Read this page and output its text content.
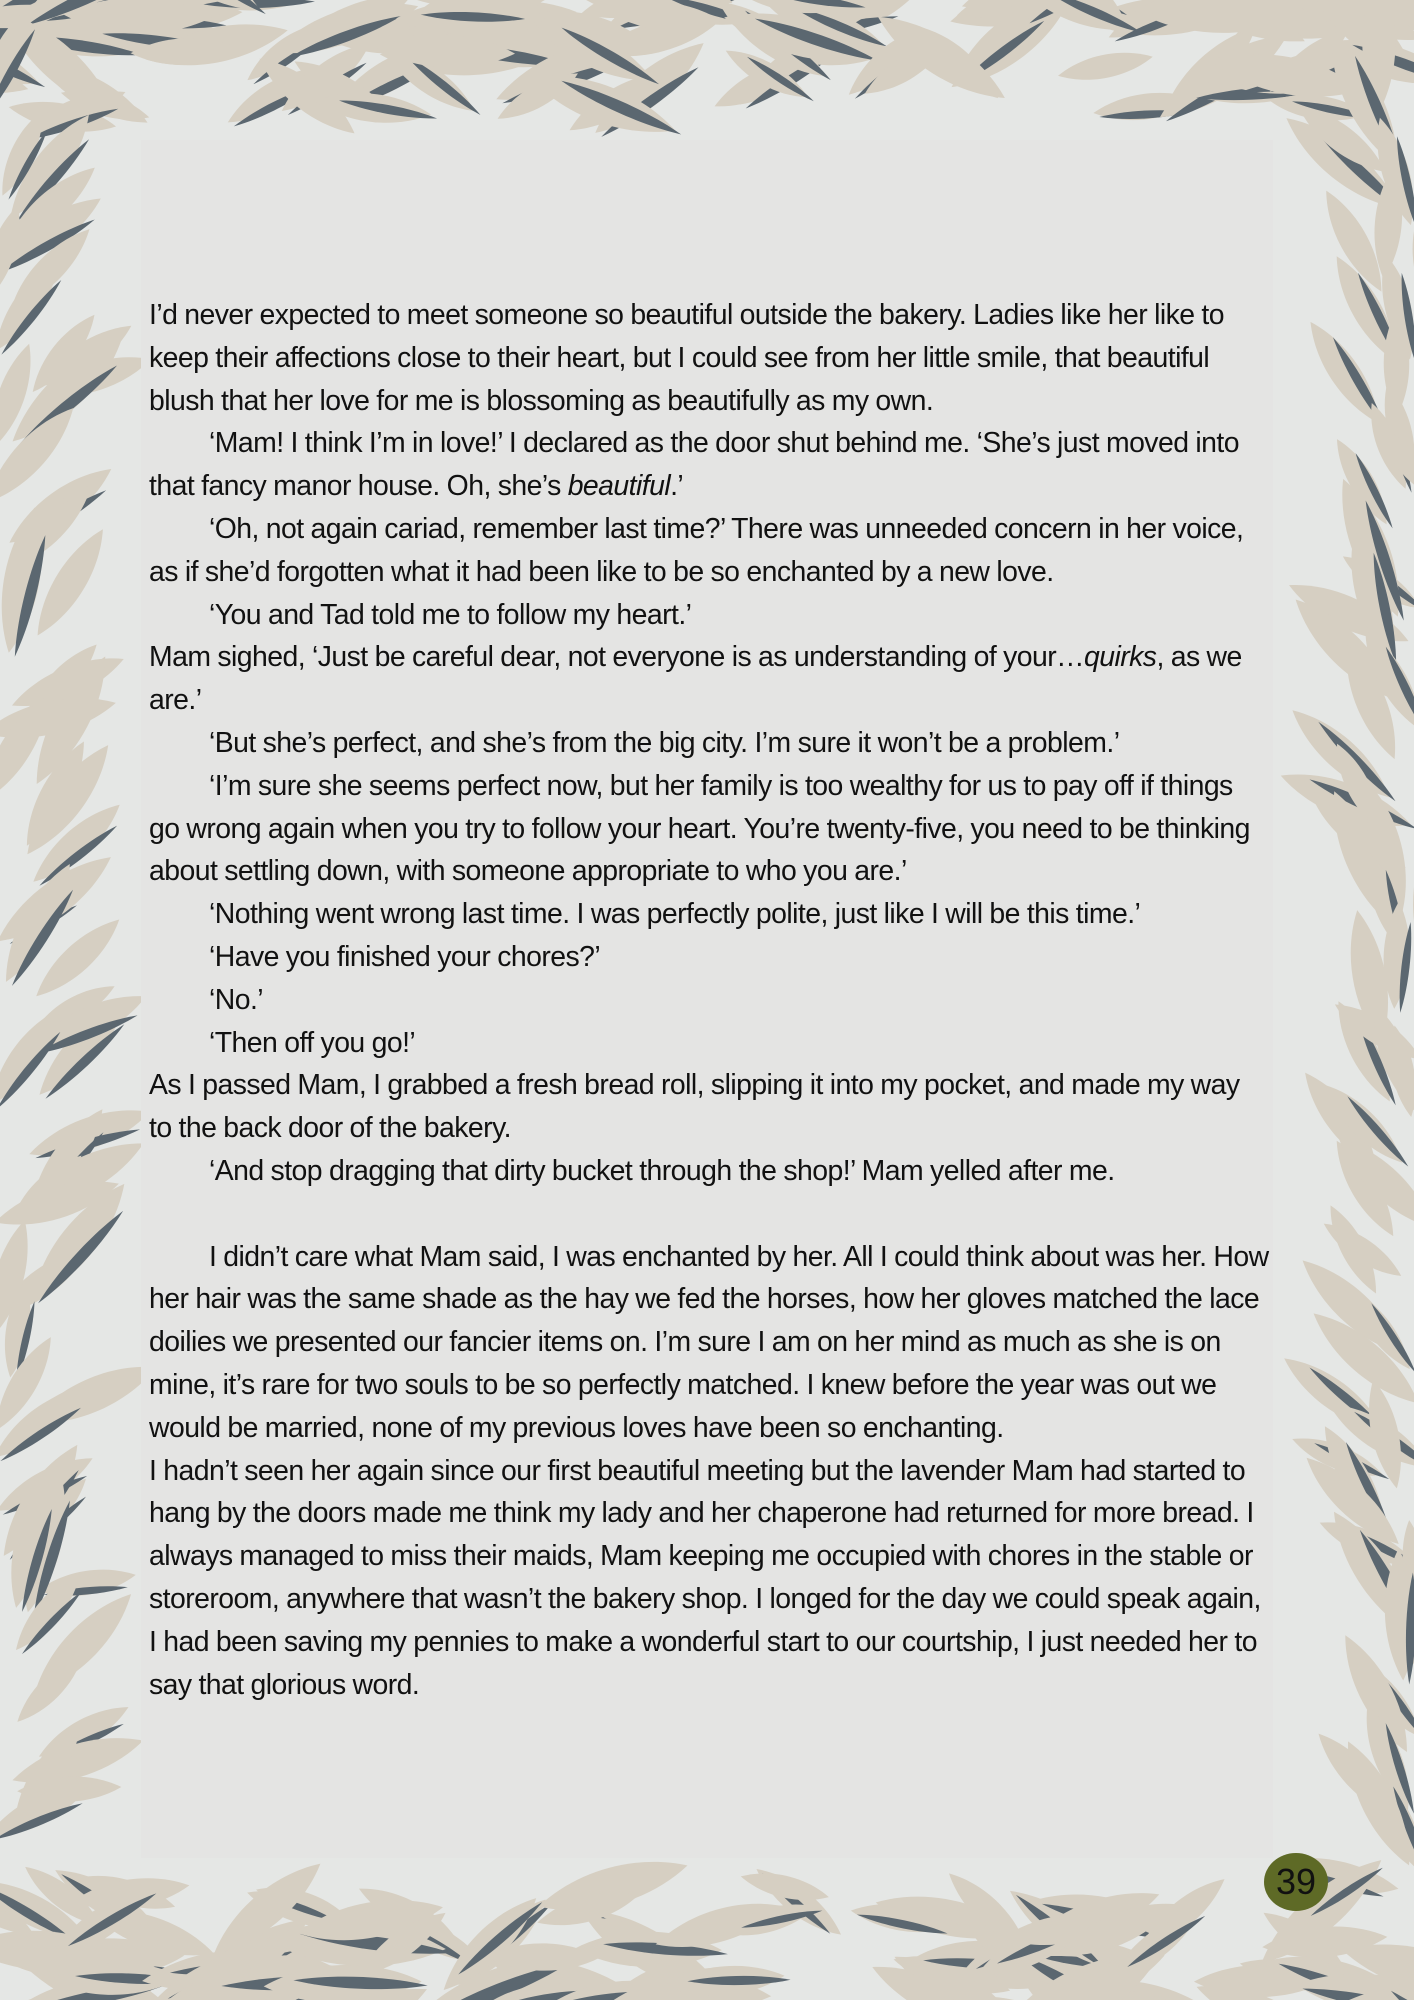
I’d never expected to meet someone so beautiful outside the bakery. Ladies like her like to keep their affections close to their heart, but I could see from her little smile, that beautiful blush that her love for me is blossoming as beautifully as my own.

‘Mam! I think I’m in love!’ I declared as the door shut behind me. ‘She’s just moved into that fancy manor house. Oh, she’s beautiful.’

‘Oh, not again cariad, remember last time?’ There was unneeded concern in her voice, as if she’d forgotten what it had been like to be so enchanted by a new love.

‘You and Tad told me to follow my heart.’

Mam sighed, ‘Just be careful dear, not everyone is as understanding of your…quirks, as we are.’

‘But she’s perfect, and she’s from the big city. I’m sure it won’t be a problem.’

‘I’m sure she seems perfect now, but her family is too wealthy for us to pay off if things go wrong again when you try to follow your heart. You’re twenty-five, you need to be thinking about settling down, with someone appropriate to who you are.’

‘Nothing went wrong last time. I was perfectly polite, just like I will be this time.’

‘Have you finished your chores?’

‘No.’

‘Then off you go!’

As I passed Mam, I grabbed a fresh bread roll, slipping it into my pocket, and made my way to the back door of the bakery.

‘And stop dragging that dirty bucket through the shop!’ Mam yelled after me.

I didn’t care what Mam said, I was enchanted by her. All I could think about was her. How her hair was the same shade as the hay we fed the horses, how her gloves matched the lace doilies we presented our fancier items on. I’m sure I am on her mind as much as she is on mine, it’s rare for two souls to be so perfectly matched. I knew before the year was out we would be married, none of my previous loves have been so enchanting.

I hadn’t seen her again since our first beautiful meeting but the lavender Mam had started to hang by the doors made me think my lady and her chaperone had returned for more bread. I always managed to miss their maids, Mam keeping me occupied with chores in the stable or storeroom, anywhere that wasn’t the bakery shop. I longed for the day we could speak again, I had been saving my pennies to make a wonderful start to our courtship, I just needed her to say that glorious word.

39
